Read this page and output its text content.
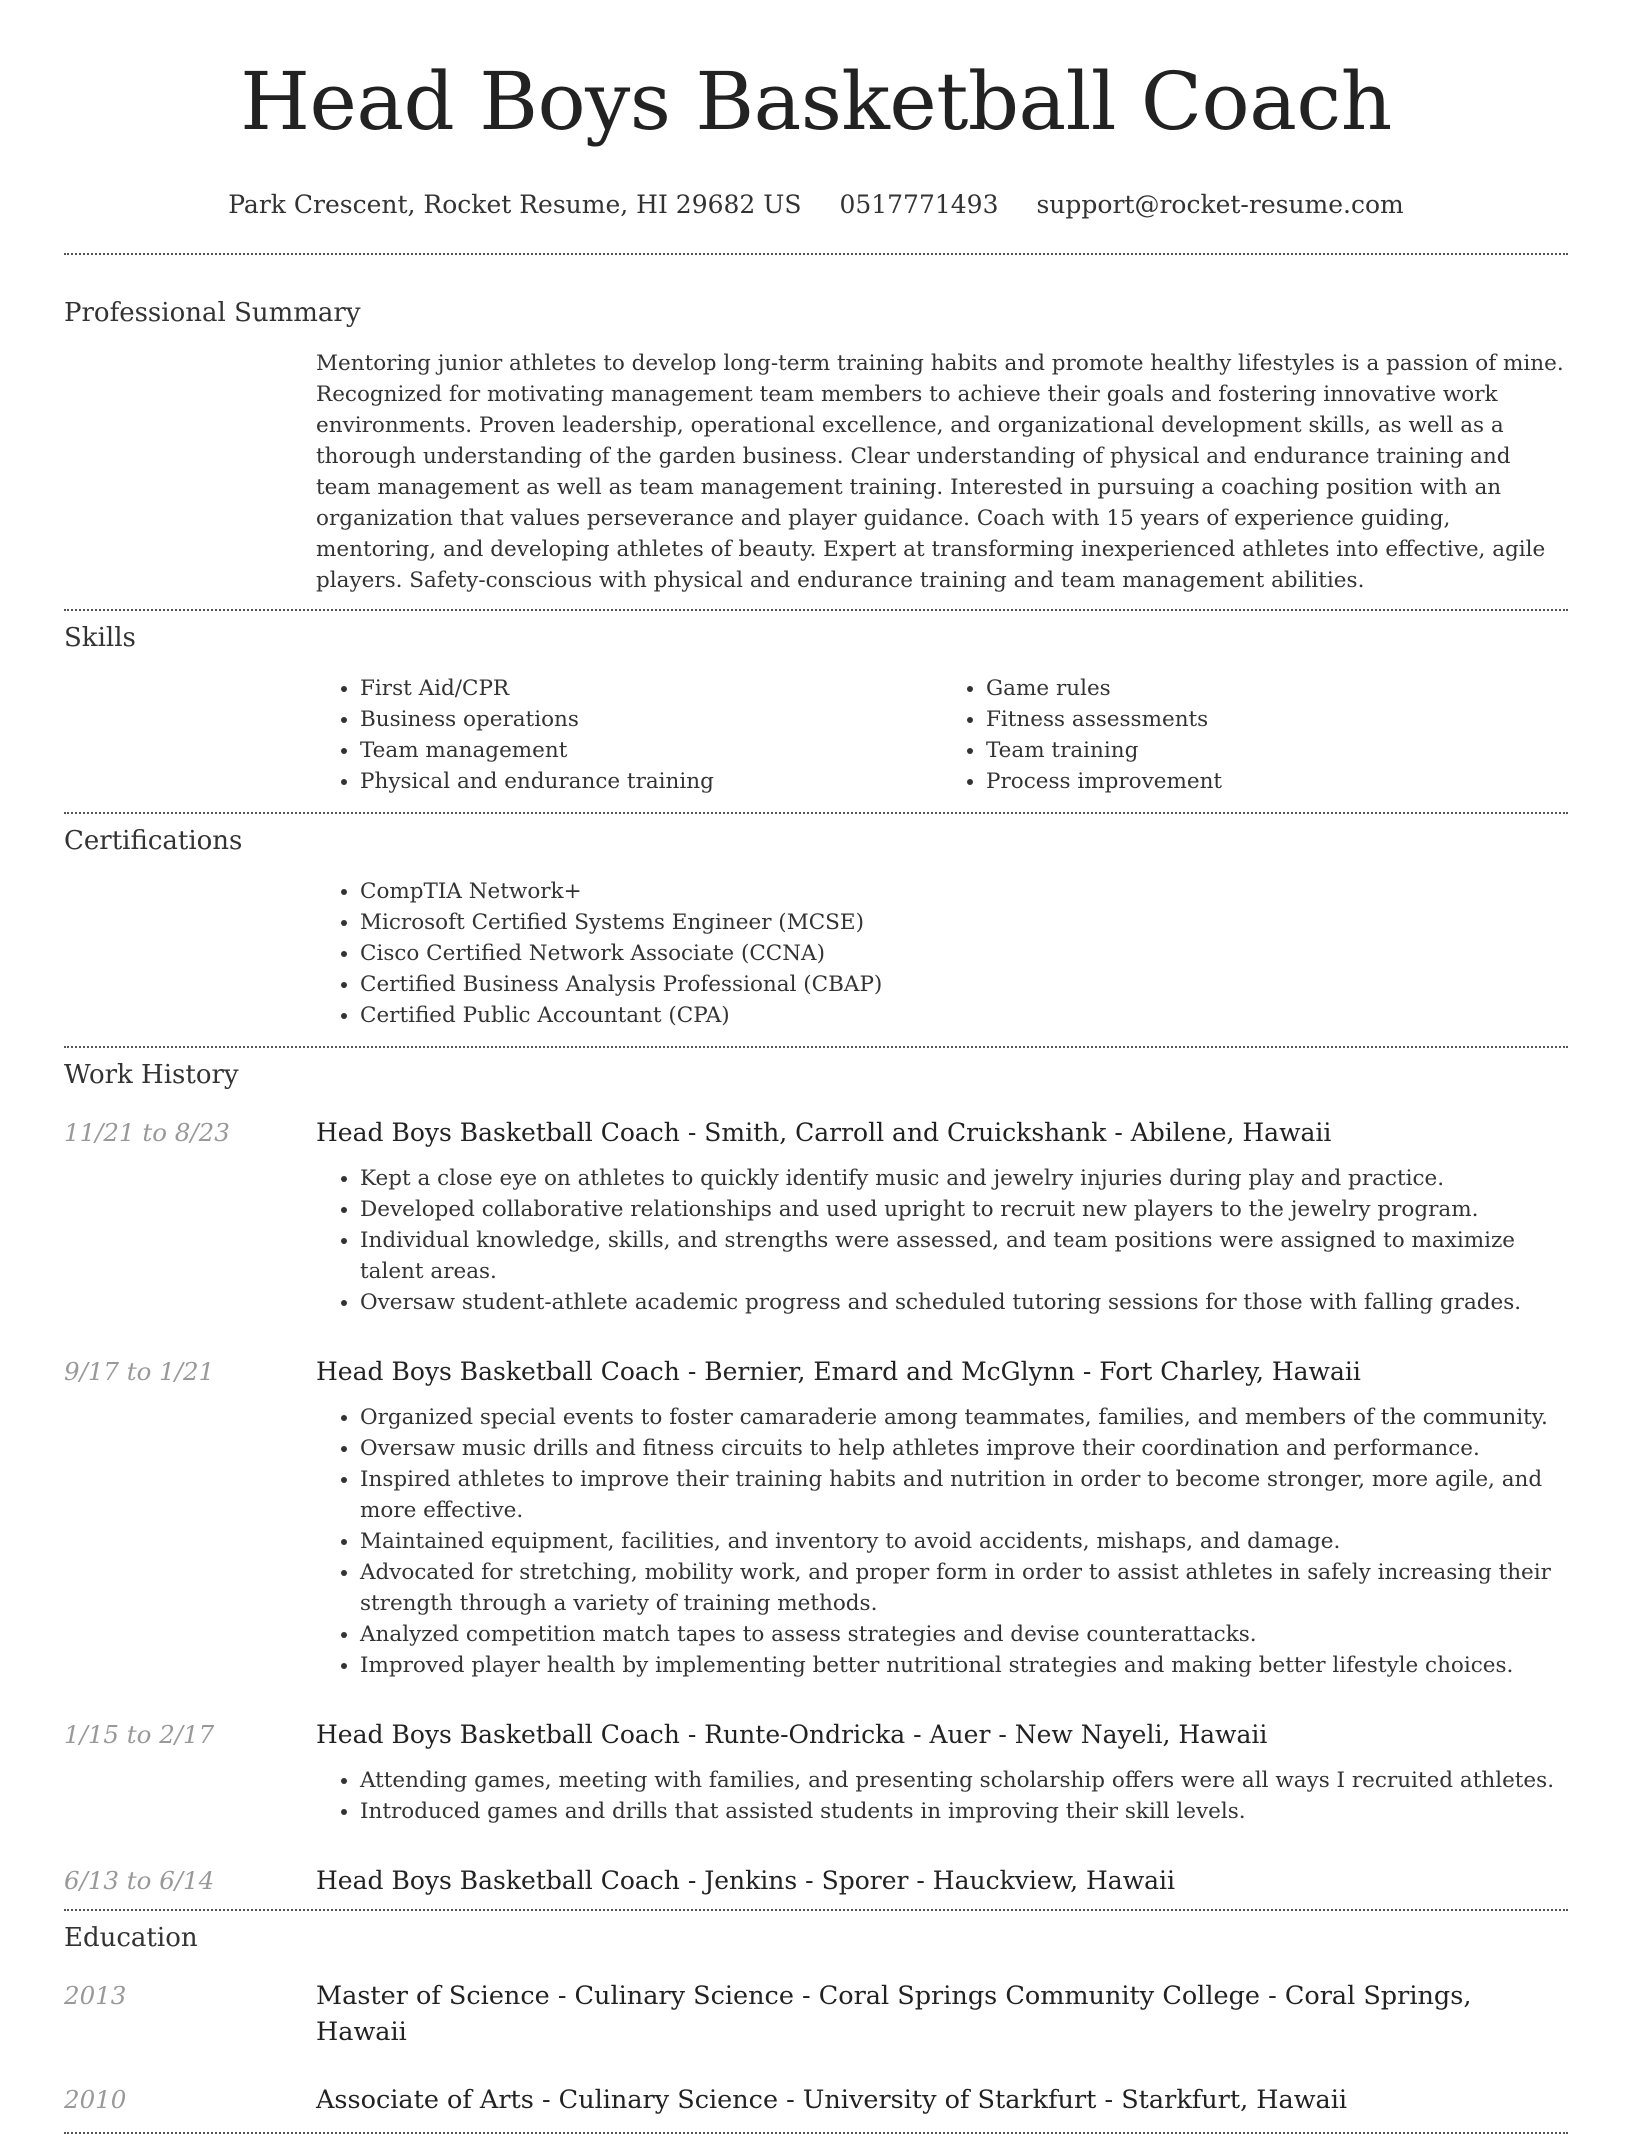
Head Boys Basketball Coach
Park Crescent, Rocket Resume, HI 29682 US 0517771493 support@rocket-resume.com
Professional Summary
Mentoring junior athletes to develop long-term training habits and promote healthy lifestyles is a passion of mine. Recognized for motivating management team members to achieve their goals and fostering innovative work environments. Proven leadership, operational excellence, and organizational development skills, as well as a thorough understanding of the garden business. Clear understanding of physical and endurance training and team management as well as team management training. Interested in pursuing a coaching position with an organization that values perseverance and player guidance. Coach with 15 years of experience guiding, mentoring, and developing athletes of beauty. Expert at transforming inexperienced athletes into effective, agile players. Safety-conscious with physical and endurance training and team management abilities.
Skills
• First Aid/CPR
• Business operations
• Team management
• Physical and endurance training
• Game rules
• Fitness assessments
• Team training
• Process improvement
Certifications
• CompTIA Network+
• Microsoft Certified Systems Engineer (MCSE)
• Cisco Certified Network Associate (CCNA)
• Certified Business Analysis Professional (CBAP)
• Certified Public Accountant (CPA)
Work History
11/21 to 8/23	Head Boys Basketball Coach - Smith, Carroll and Cruickshank - Abilene, Hawaii
• Kept a close eye on athletes to quickly identify music and jewelry injuries during play and practice.
• Developed collaborative relationships and used upright to recruit new players to the jewelry program.
• Individual knowledge, skills, and strengths were assessed, and team positions were assigned to maximize talent areas.
• Oversaw student-athlete academic progress and scheduled tutoring sessions for those with falling grades.
9/17 to 1/21	Head Boys Basketball Coach - Bernier, Emard and McGlynn - Fort Charley, Hawaii
• Organized special events to foster camaraderie among teammates, families, and members of the community.
• Oversaw music drills and fitness circuits to help athletes improve their coordination and performance.
• Inspired athletes to improve their training habits and nutrition in order to become stronger, more agile, and more effective.
• Maintained equipment, facilities, and inventory to avoid accidents, mishaps, and damage.
• Advocated for stretching, mobility work, and proper form in order to assist athletes in safely increasing their strength through a variety of training methods.
• Analyzed competition match tapes to assess strategies and devise counterattacks.
• Improved player health by implementing better nutritional strategies and making better lifestyle choices.
1/15 to 2/17	Head Boys Basketball Coach - Runte-Ondricka - Auer - New Nayeli, Hawaii
• Attending games, meeting with families, and presenting scholarship offers were all ways I recruited athletes.
• Introduced games and drills that assisted students in improving their skill levels.
6/13 to 6/14	Head Boys Basketball Coach - Jenkins - Sporer - Hauckview, Hawaii
Education
2013	Master of Science - Culinary Science - Coral Springs Community College - Coral Springs, Hawaii
2010	Associate of Arts - Culinary Science - University of Starkfurt - Starkfurt, Hawaii
